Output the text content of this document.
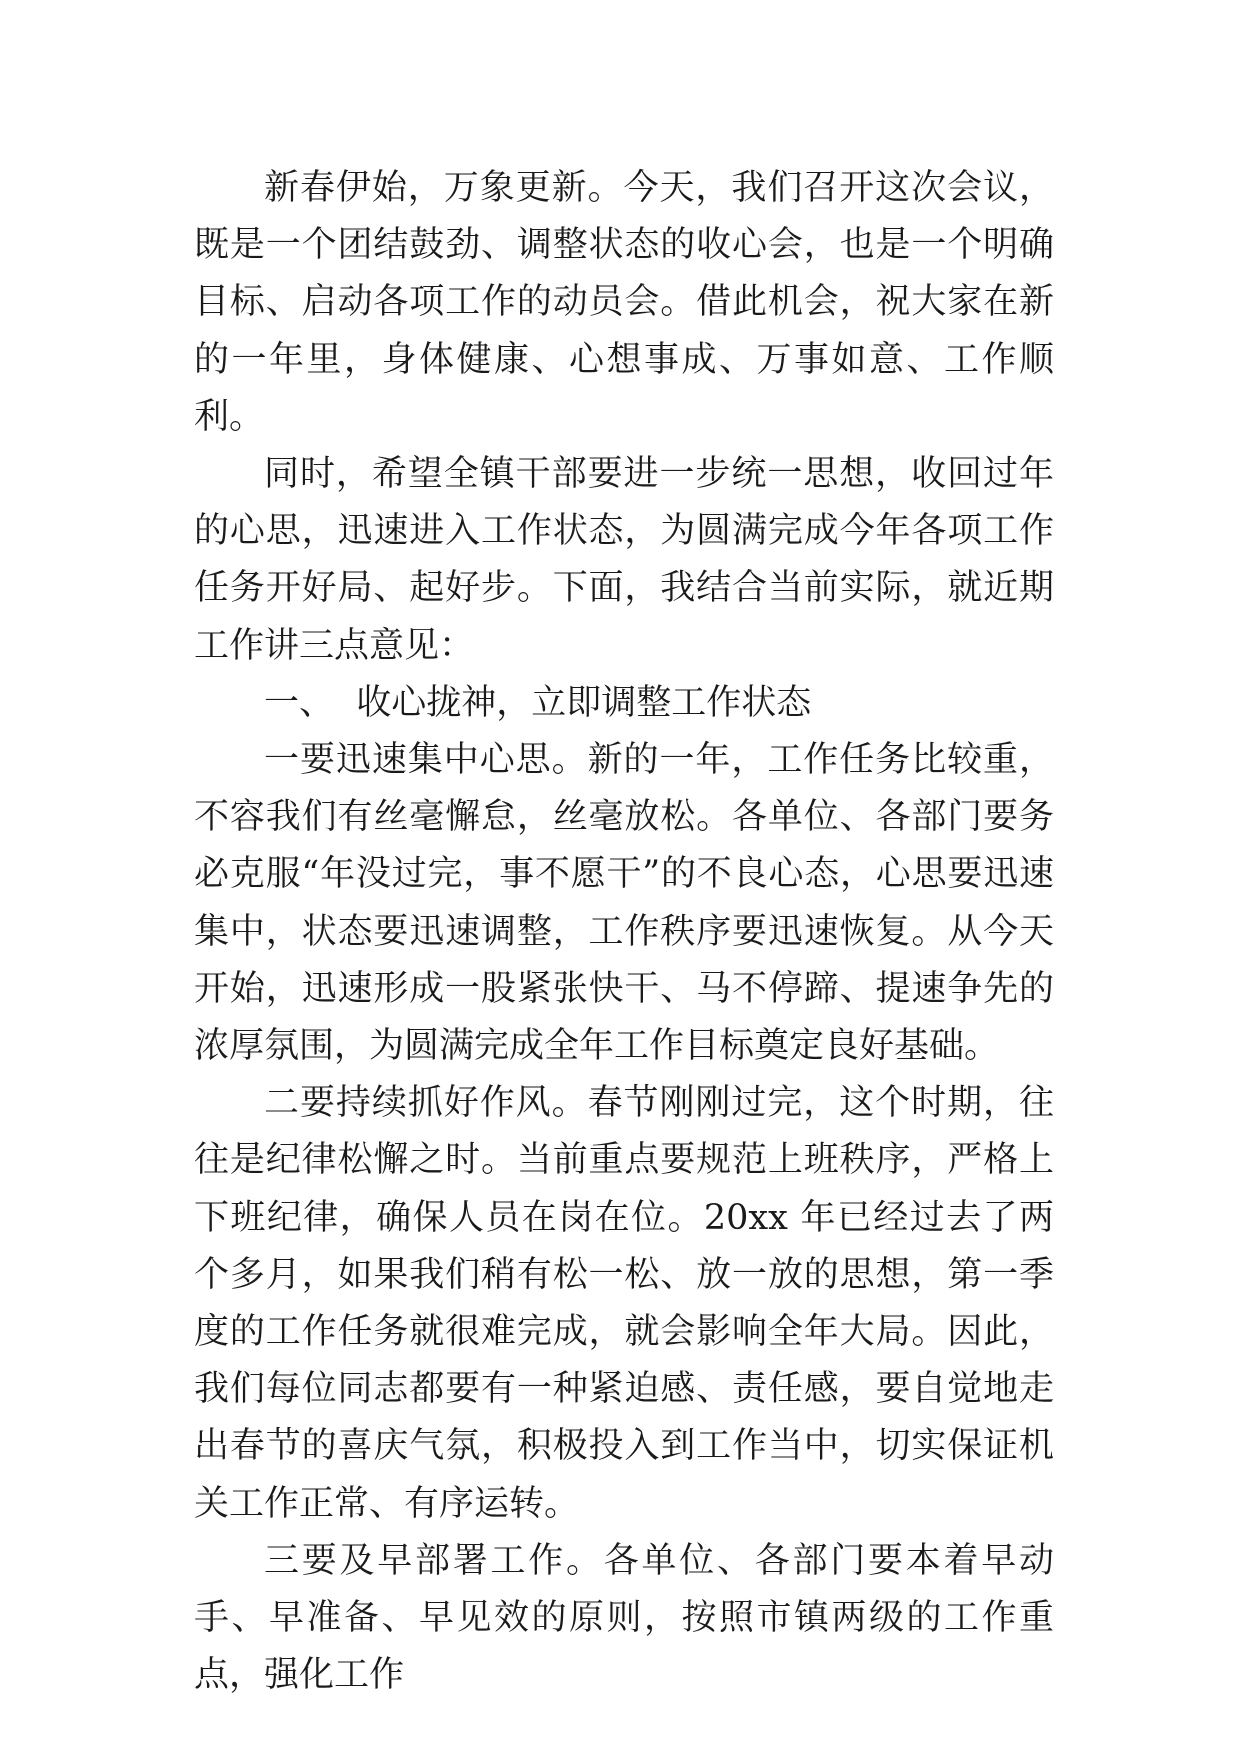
新春伊始，万象更新。今天，我们召开这次会议，既是一个团结鼓劲、调整状态的收心会，也是一个明确目标、启动各项工作的动员会。借此机会，祝大家在新的一年里，身体健康、心想事成、万事如意、工作顺利。

同时，希望全镇干部要进一步统一思想，收回过年的心思，迅速进入工作状态，为圆满完成今年各项工作任务开好局、起好步。下面，我结合当前实际，就近期工作讲三点意见：

一、  收心拢神，立即调整工作状态

一要迅速集中心思。新的一年，工作任务比较重，不容我们有丝毫懈怠，丝毫放松。各单位、各部门要务必克服“年没过完，事不愿干”的不良心态，心思要迅速集中，状态要迅速调整，工作秩序要迅速恢复。从今天开始，迅速形成一股紧张快干、马不停蹄、提速争先的浓厚氛围，为圆满完成全年工作目标奠定良好基础。

二要持续抓好作风。春节刚刚过完，这个时期，往往是纪律松懈之时。当前重点要规范上班秩序，严格上下班纪律，确保人员在岗在位。20xx 年已经过去了两个多月，如果我们稍有松一松、放一放的思想，第一季度的工作任务就很难完成，就会影响全年大局。因此，我们每位同志都要有一种紧迫感、责任感，要自觉地走出春节的喜庆气氛，积极投入到工作当中，切实保证机关工作正常、有序运转。

三要及早部署工作。各单位、各部门要本着早动手、早准备、早见效的原则，按照市镇两级的工作重点，强化工作
